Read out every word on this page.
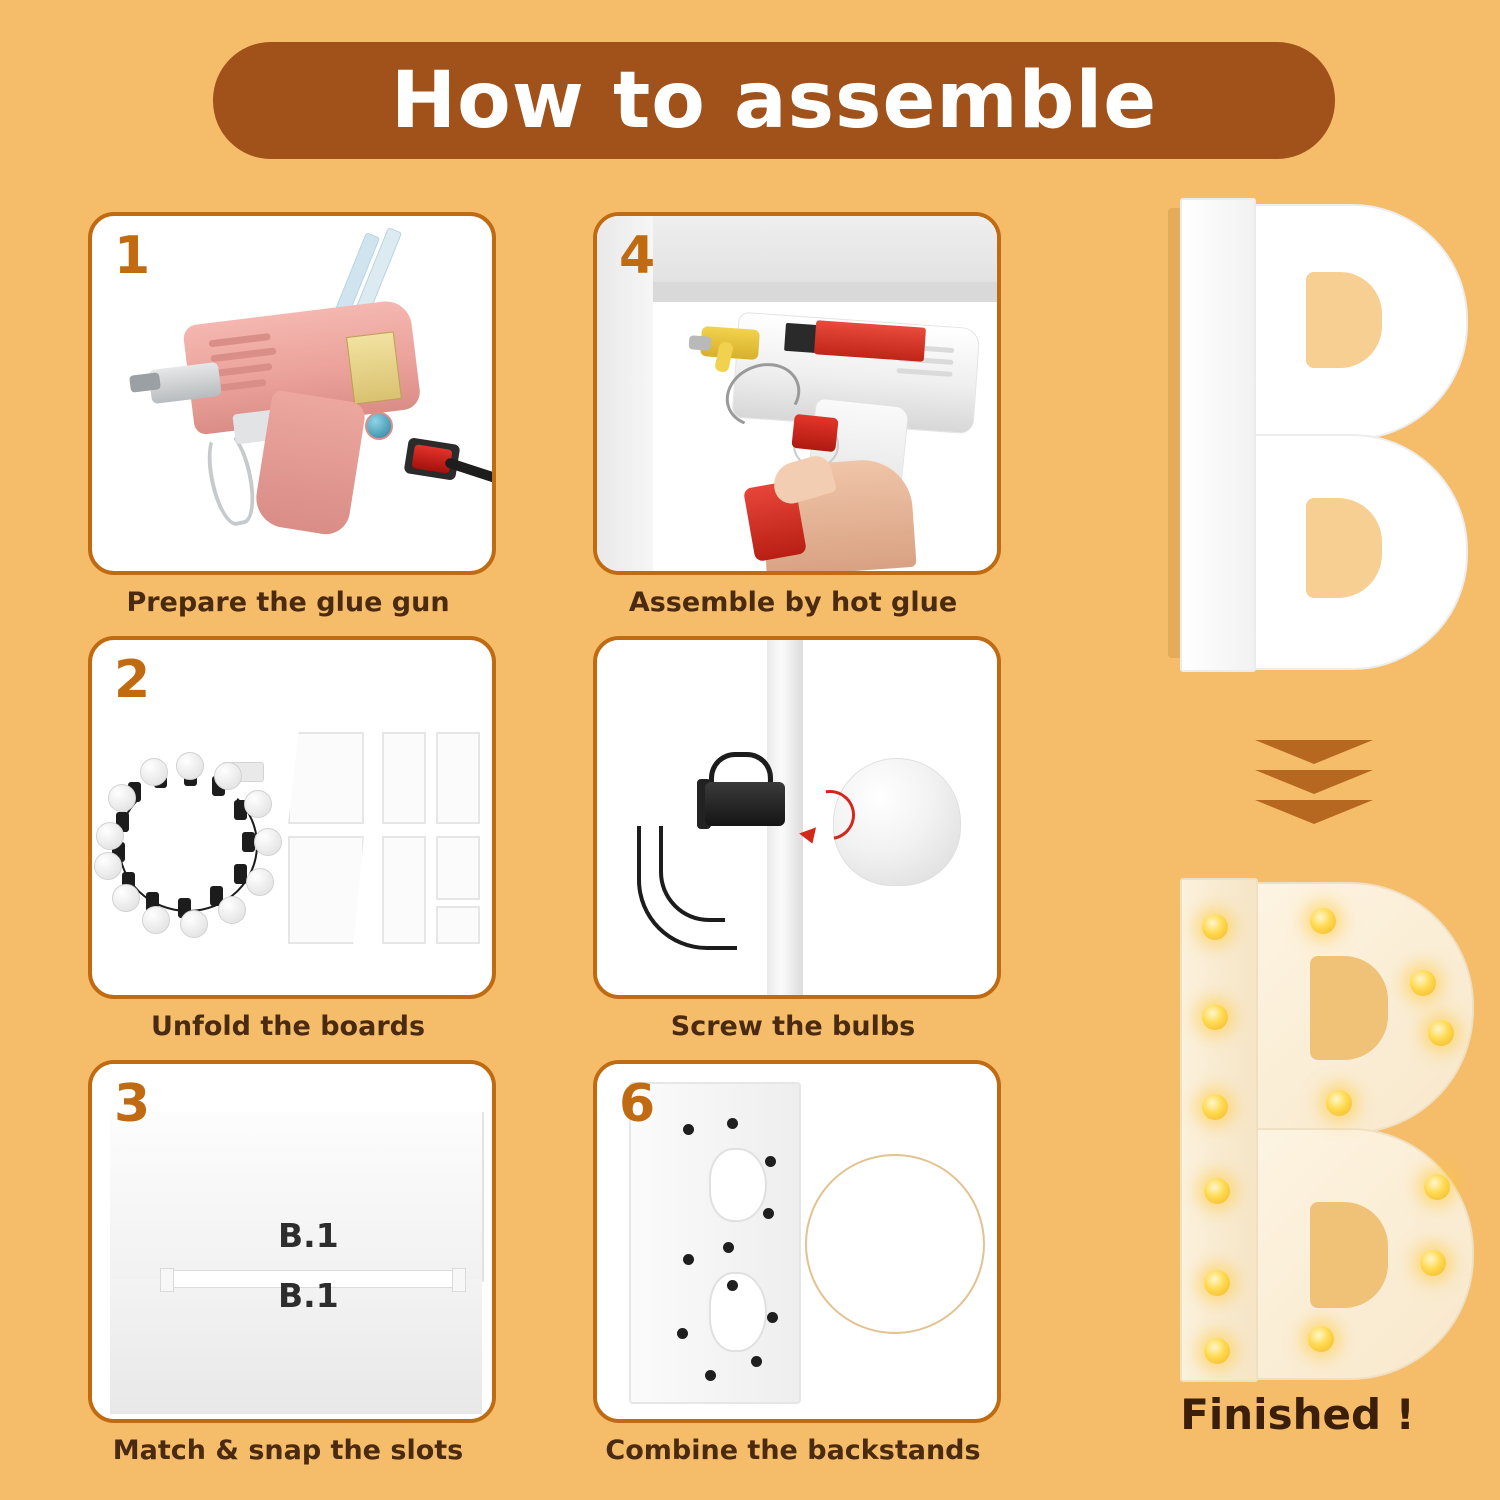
How to assemble
1
Prepare the glue gun
2
Unfold the boards
3
B.1
B.1
Match & snap the slots
4
Assemble by hot glue
Screw the bulbs
6
Combine the backstands
Finished !
